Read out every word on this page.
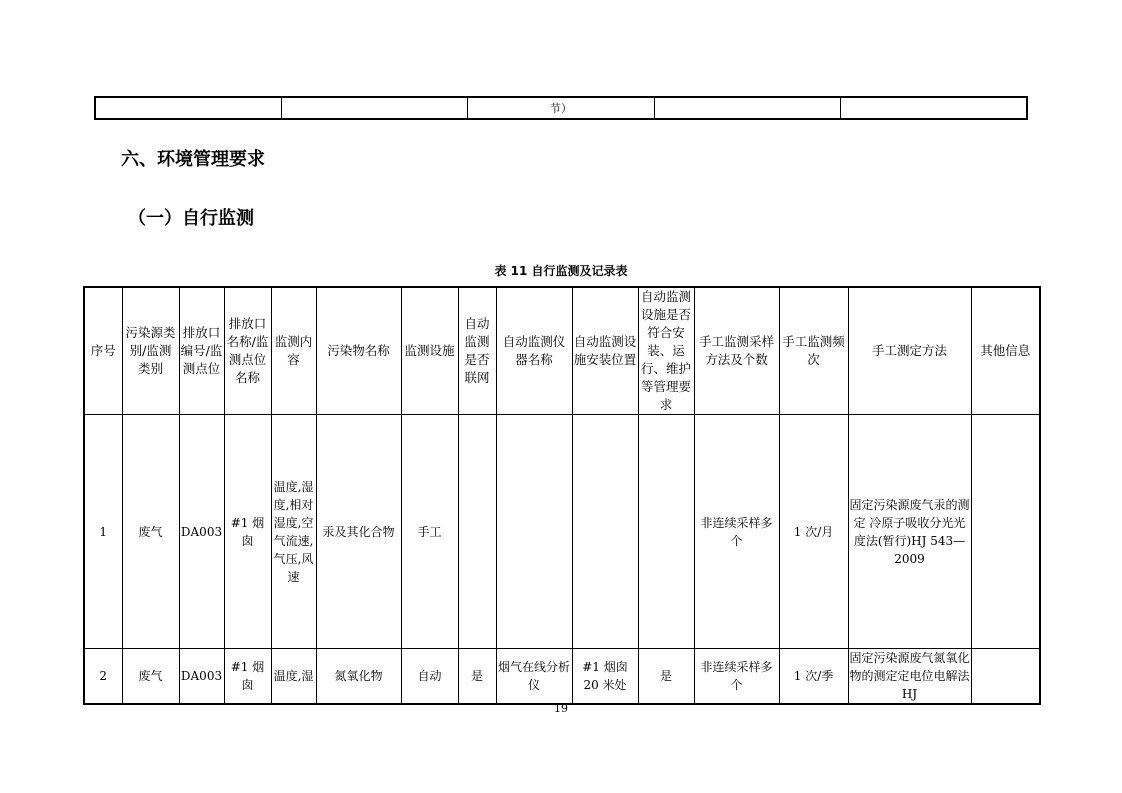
		节）		
六、环境管理要求
（一）自行监测
表 11 自行监测及记录表
序号	污染源类别/监测类别	排放口编号/监测点位	排放口名称/监测点位名称	监测内容	污染物名称	监测设施	自动监测是否联网	自动监测仪器名称	自动监测设施安装位置	自动监测设施是否符合安装、运行、维护等管理要求	手工监测采样方法及个数	手工监测频次	手工测定方法	其他信息
1	废气	DA003	#1 烟囱	温度,湿度,相对湿度,空气流速,气压,风速	汞及其化合物	手工					非连续采样多个	1 次/月	固定污染源废气汞的测定 冷原子吸收分光光度法(暂行)HJ 543—2009	
2	废气	DA003	#1 烟囱	温度,湿	氮氧化物	自动	是	烟气在线分析仪	#1 烟囱 20 米处	是	非连续采样多个	1 次/季	固定污染源废气氮氧化物的测定定电位电解法 HJ	
19
